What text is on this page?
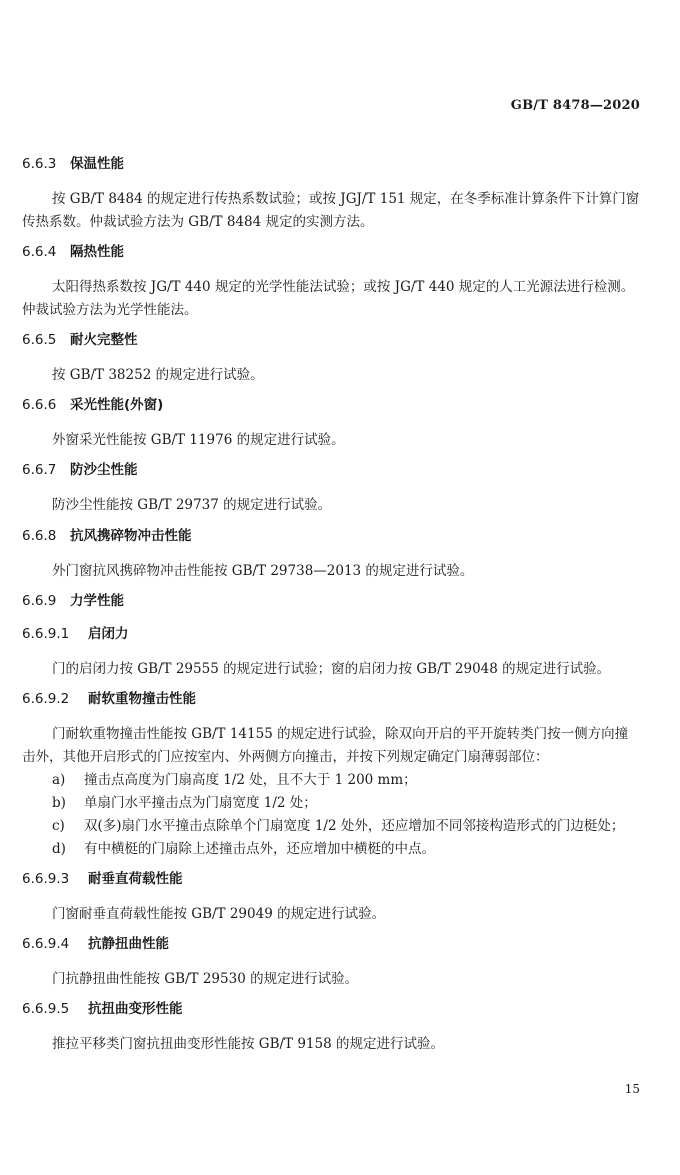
GB/T 8478—2020
6.6.3 保温性能
按 GB/T 8484 的规定进行传热系数试验；或按 JGJ/T 151 规定，在冬季标准计算条件下计算门窗
传热系数。仲裁试验方法为 GB/T 8484 规定的实测方法。
6.6.4 隔热性能
太阳得热系数按 JG/T 440 规定的光学性能法试验；或按 JG/T 440 规定的人工光源法进行检测。
仲裁试验方法为光学性能法。
6.6.5 耐火完整性
按 GB/T 38252 的规定进行试验。
6.6.6 采光性能(外窗)
外窗采光性能按 GB/T 11976 的规定进行试验。
6.6.7 防沙尘性能
防沙尘性能按 GB/T 29737 的规定进行试验。
6.6.8 抗风携碎物冲击性能
外门窗抗风携碎物冲击性能按 GB/T 29738—2013 的规定进行试验。
6.6.9 力学性能
6.6.9.1 启闭力
门的启闭力按 GB/T 29555 的规定进行试验；窗的启闭力按 GB/T 29048 的规定进行试验。
6.6.9.2 耐软重物撞击性能
门耐软重物撞击性能按 GB/T 14155 的规定进行试验，除双向开启的平开旋转类门按一侧方向撞
击外，其他开启形式的门应按室内、外两侧方向撞击，并按下列规定确定门扇薄弱部位：
a) 撞击点高度为门扇高度 1/2 处，且不大于 1 200 mm；
b) 单扇门水平撞击点为门扇宽度 1/2 处；
c) 双(多)扇门水平撞击点除单个门扇宽度 1/2 处外，还应增加不同邻接构造形式的门边梃处；
d) 有中横梃的门扇除上述撞击点外，还应增加中横梃的中点。
6.6.9.3 耐垂直荷载性能
门窗耐垂直荷载性能按 GB/T 29049 的规定进行试验。
6.6.9.4 抗静扭曲性能
门抗静扭曲性能按 GB/T 29530 的规定进行试验。
6.6.9.5 抗扭曲变形性能
推拉平移类门窗抗扭曲变形性能按 GB/T 9158 的规定进行试验。
15
